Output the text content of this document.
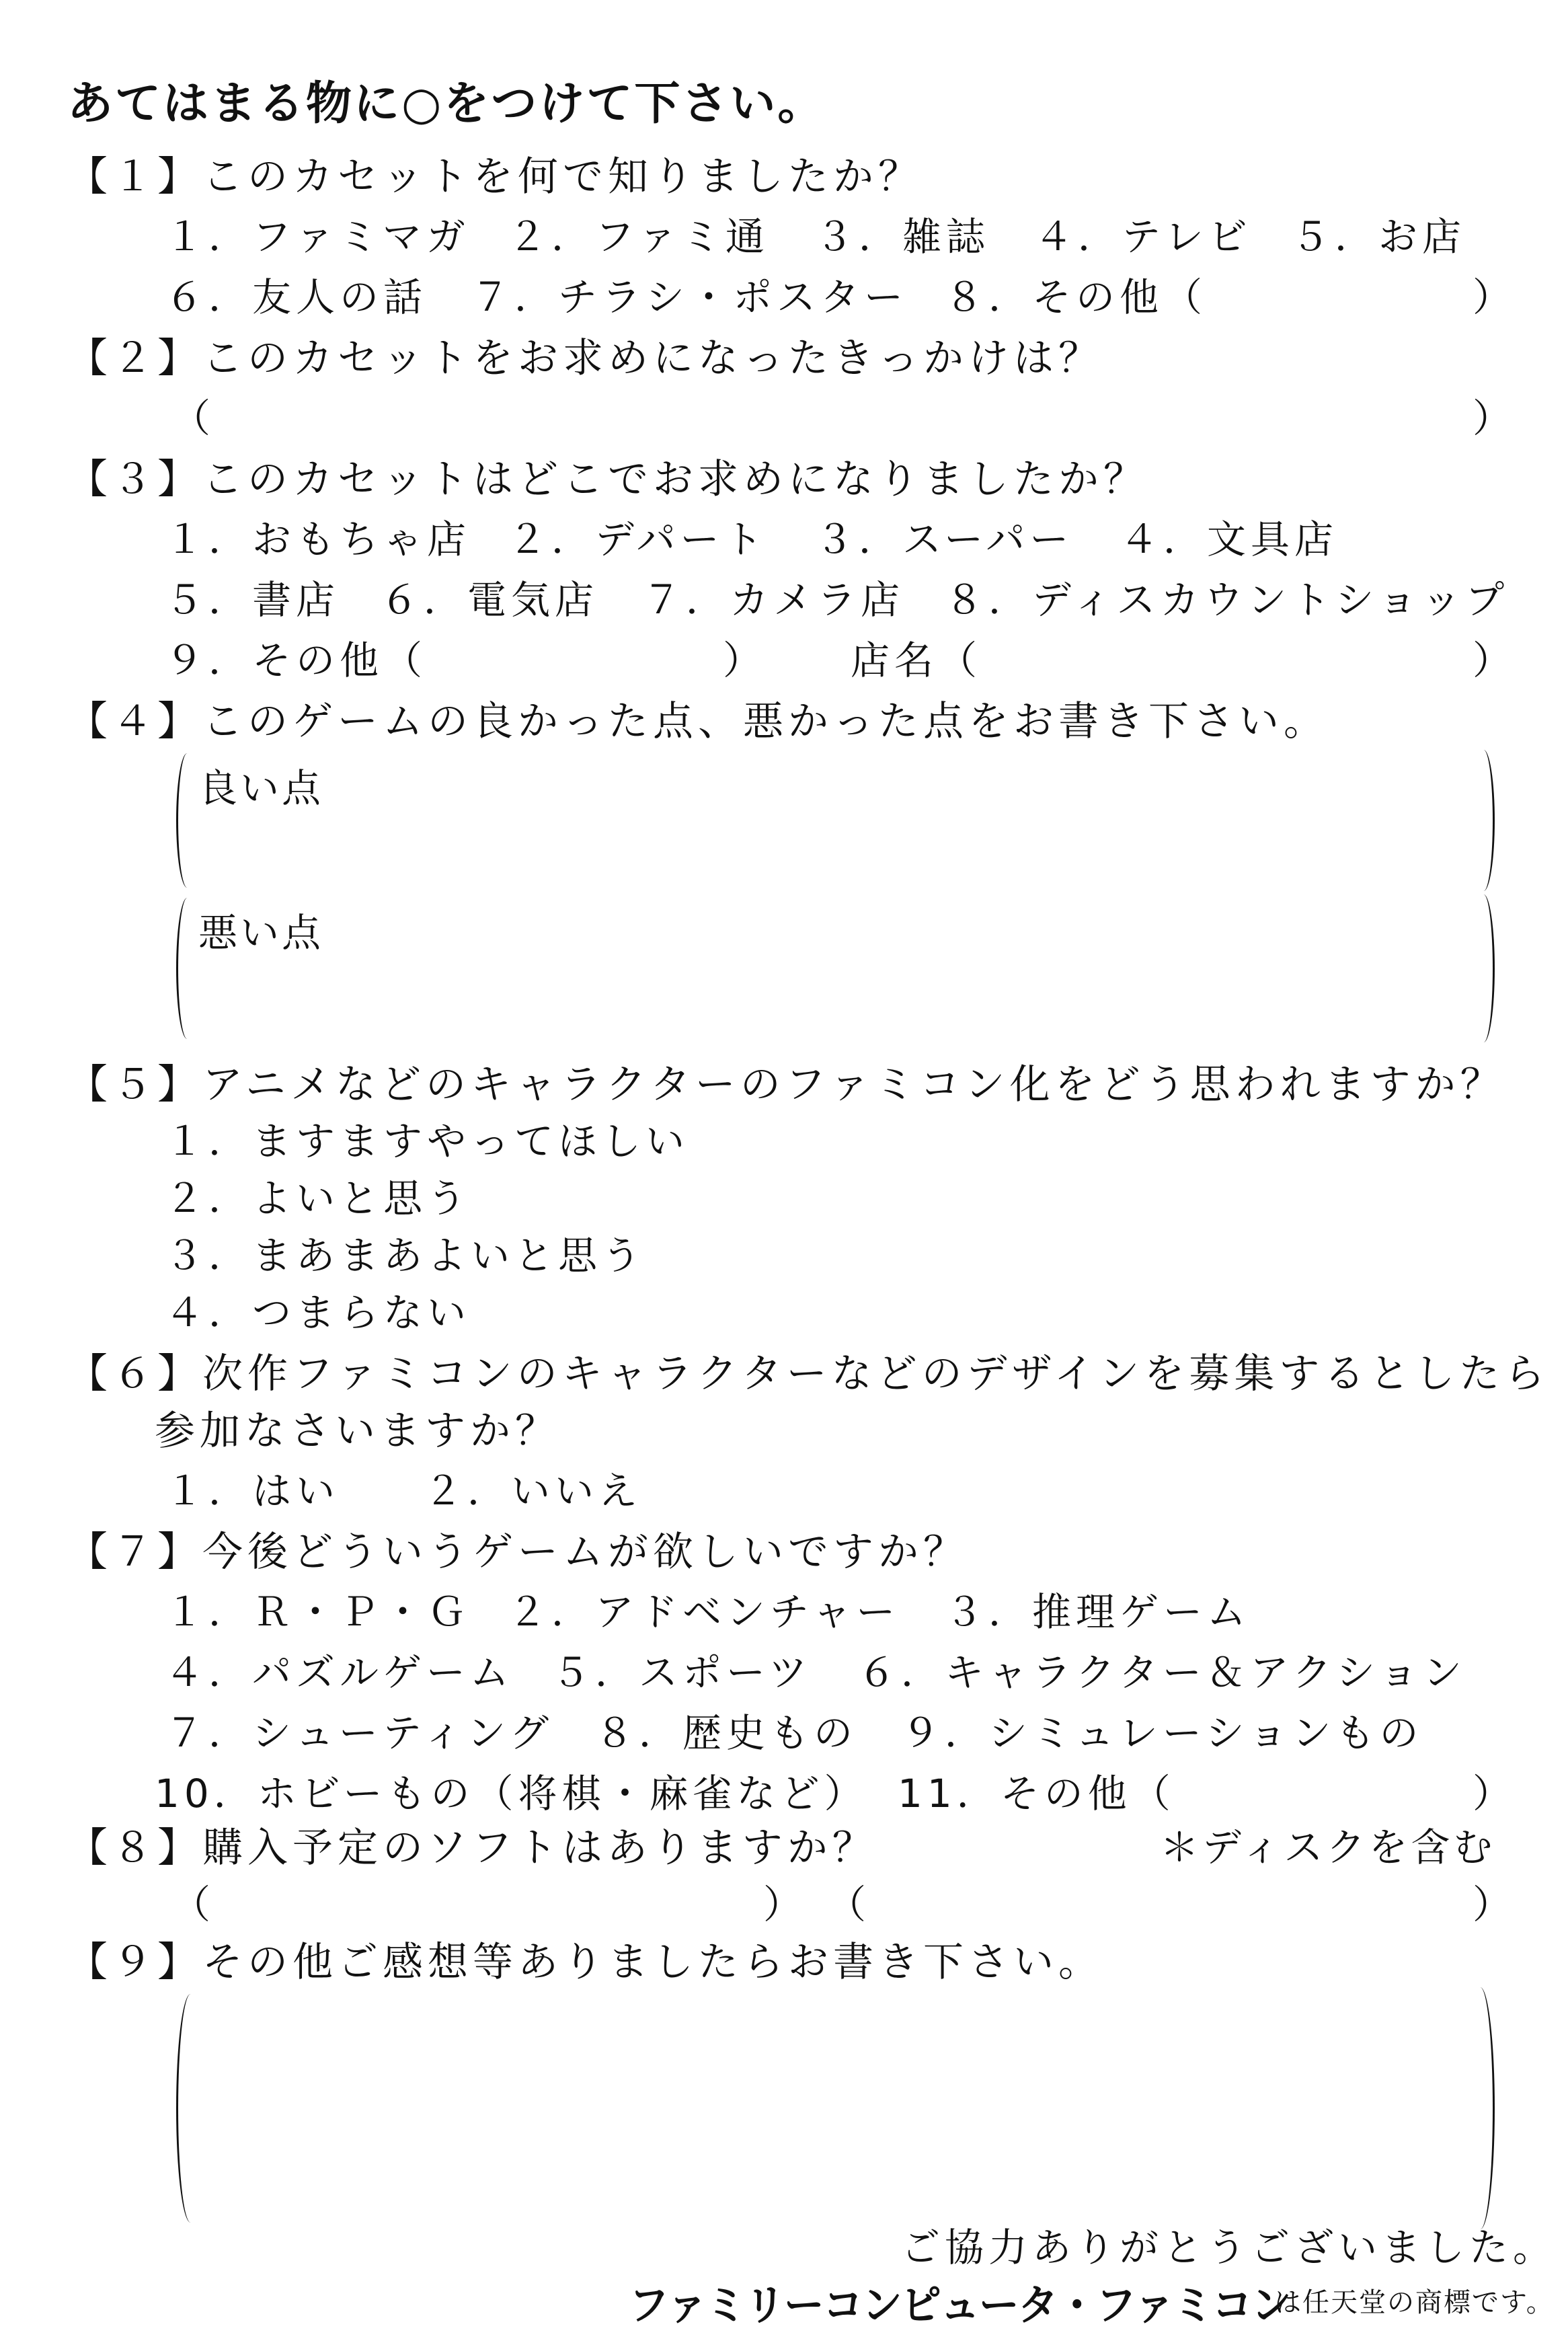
あてはまる物に○をつけて下さい。
【１】このカセットを何で知りましたか？
１．ファミマガ ２．ファミ通 ３．雑誌 ４．テレビ ５．お店
６．友人の話 ７．チラシ・ポスター ８．その他（	）
【２】このカセットをお求めになったきっかけは？
（	）
【３】このカセットはどこでお求めになりましたか？
１．おもちゃ店 ２．デパート ３．スーパー ４．文具店
５．書店 ６．電気店 ７．カメラ店 ８．ディスカウントショップ
９．その他（	） 店名（	）
【４】このゲームの良かった点、悪かった点をお書き下さい。
良い点
悪い点
【５】アニメなどのキャラクターのファミコン化をどう思われますか？
１．ますますやってほしい
２．よいと思う
３．まあまあよいと思う
４．つまらない
【６】次作ファミコンのキャラクターなどのデザインを募集するとしたら
参加なさいますか？
１．はい ２．いいえ
【７】今後どういうゲームが欲しいですか？
１．Ｒ・Ｐ・Ｇ ２．アドベンチャー ３．推理ゲーム
４．パズルゲーム ５．スポーツ ６．キャラクター＆アクション
７．シューティング ８．歴史もの ９．シミュレーションもの
10．ホビーもの（将棋・麻雀など） 11．その他（	）
【８】購入予定のソフトはありますか？	＊ディスクを含む
（	） （	）
【９】その他ご感想等ありましたらお書き下さい。
ご協力ありがとうございました。
ファミリーコンピュータ・ファミコン
は任天堂の商標です。
